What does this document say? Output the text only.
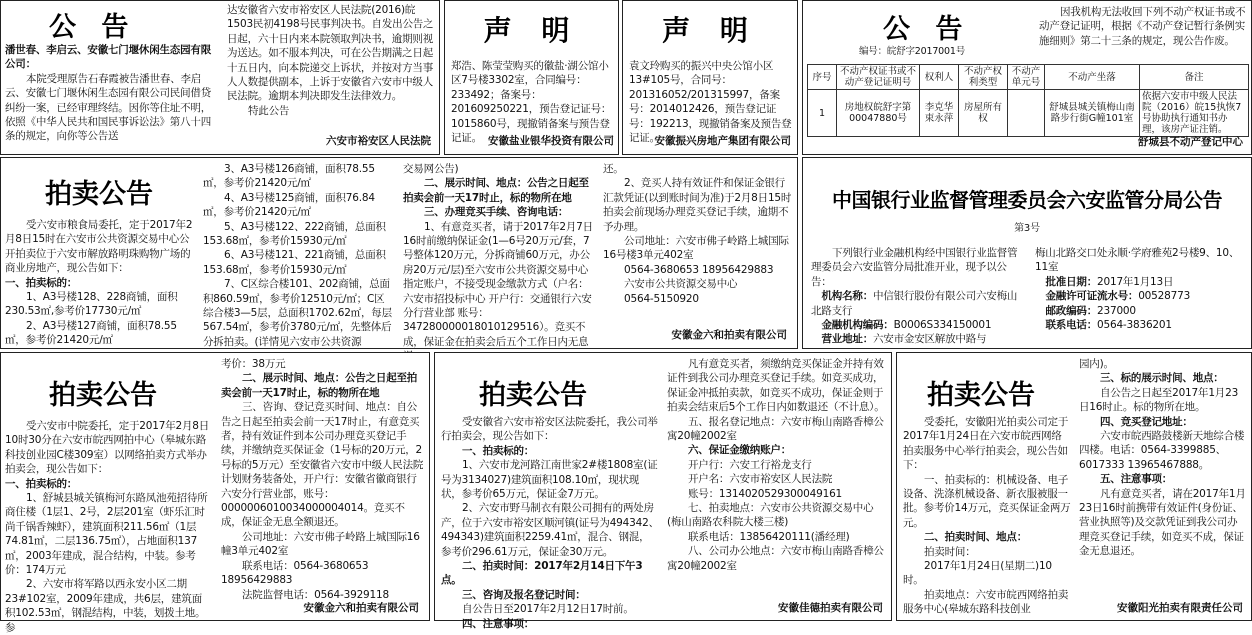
公 告

潘世春、李启云、安徽七门堰休闲生态园有限公司：

本院受理原告石春霞被告潘世春、李启云、安徽七门堰休闲生态园有限公司民间借贷纠纷一案，已经审理终结。因你等住址不明，依照《中华人民共和国民事诉讼法》第八十四条的规定，向你等公告送

达安徽省六安市裕安区人民法院(2016)皖1503民初4198号民事判决书。自发出公告之日起，六十日内来本院领取判决书，逾期则视为送达。如不服本判决，可在公告期满之日起十五日内，向本院递交上诉状，并按对方当事人人数提供副本，上诉于安徽省六安市中级人民法院。逾期本判决即发生法律效力。

特此公告

六安市裕安区人民法院
声 明
郑浩、陈莹莹购买的徽盐·湖公馆小区7号楼3302室，合同编号：233492；备案号：201609250221，预告登记证号：1015860号，现撤销备案与预告登记证。 安徽盐业银华投资有限公司
声 明
袁文玲购买的振兴中央公馆小区13#105号，合同号：201316052/201315997，备案号：2014012426，预告登记证号：192213，现撤销备案及预告登记证。
安徽振兴房地产集团有限公司
公 告
编号：皖舒字2017001号
因我机构无法收回下列不动产权证书或不动产登记证明，根据《不动产登记暂行条例实施细则》第二十三条的规定，现公告作废。
序号	不动产权证书或不动产登记证明号	权利人	不动产权利类型	不动产单元号	不动产坐落	备注
1	房地权皖舒字第00047880号	李克华束永萍	房屋所有权		舒城县城关镇梅山南路步行街G幢101室	依据六安市中级人民法院（2016）皖15执恢7号协助执行通知书办理，该房产证注销。
舒城县不动产登记中心
拍卖公告

受六安市粮食局委托，定于2017年2月8日15时在六安市公共资源交易中心公开拍卖位于六安市解放路明珠购物广场的商业房地产，现公告如下：

一、拍卖标的：

1、A3号楼128、228商铺，面积230.53㎡,参考价17730元/㎡

2、A3号楼127商铺，面积78.55㎡，参考价21420元/㎡

3、A3号楼126商铺，面积78.55㎡，参考价21420元/㎡

4、A3号楼125商铺，面积76.84㎡，参考价21420元/㎡

5、A3号楼122、222商铺，总面积153.68㎡，参考价15930元/㎡

6、A3号楼121、221商铺，总面积153.68㎡，参考价15930元/㎡

7、C区综合楼101、202商铺，总面积860.59㎡，参考价12510元/㎡；C区综合楼3—5层，总面积1702.62㎡，每层567.54㎡，参考价3780元/㎡，先整体后分拆拍卖。(详情见六安市公共资源

交易网公告)

二、展示时间、地点：公告之日起至拍卖会前一天17时止，标的物所在地

三、办理竞买手续、咨询电话：

1、有意竞买者，请于2017年2月7日16时前缴纳保证金(1—6号20万元/套，7号整体120万元，分拆商铺60万元，办公房20万元/层)至六安市公共资源交易中心指定账户，不接受现金缴款方式（户名：六安市招投标中心 开户行：交通银行六安分行营业部 账号：347280000018010129516）。竞买不成，保证金在拍卖会后五个工作日内无息

还。

2、竞买人持有效证件和保证金银行汇款凭证(以到账时间为准)于2月8日15时拍卖会前现场办理竞买登记手续，逾期不予办理。

公司地址：六安市佛子岭路上城国际16号楼3单元402室

0564-3680653 18956429883

六安市公共资源交易中心

0564-5150920

安徽金六和拍卖有限公司
中国银行业监督管理委员会六安监管分局公告
第3号

下列银行业金融机构经中国银行业监督管理委员会六安监管分局批准开业，现予以公告：

机构名称：中信银行股份有限公司六安梅山北路支行

金融机构编码：B0006S334150001

营业地址：六安市金安区解放中路与

梅山北路交口处永顺·学府雅苑2号楼9、10、11室

批准日期：2017年1月13日

金融许可证流水号：00528773

邮政编码：237000

联系电话：0564-3836201

拍卖公告

受六安市中院委托，定于2017年2月8日10时30分在六安市皖西网拍中心（皋城东路科技创业园C楼309室）以网络拍卖方式举办拍卖会，现公告如下：

一、拍卖标的：

1、舒城县城关镇梅河东路凤池苑招待所商住楼（1层1、2号，2层201室（虾乐汇时尚千锅香辣虾），建筑面积211.56㎡（1层74.81㎡，二层136.75㎡），占地面积137㎡，2003年建成，混合结构，中装。参考价：174万元

2、六安市将军路以西永安小区二期23#102室，2009年建成，共6层，建筑面积102.53㎡，钢混结构，中装，划拨土地。参

考价：38万元

二、展示时间、地点：公告之日起至拍卖会前一天17时止，标的物所在地

三、咨询、登记竞买时间、地点：自公告之日起至拍卖会前一天17时止，有意竞买者，持有效证件到本公司办理竞买登记手续，并缴纳竞买保证金（1号标的20万元，2号标的5万元）至安徽省六安市中级人民法院计划财务装备处，开户行：安徽省徽商银行六安分行营业部，账号：0000006010034000004014。竞买不成，保证金无息全额退还。

公司地址：六安市佛子岭路上城国际16幢3单元402室

联系电话：0564-3680653 18956429883

法院监督电话：0564-3929118

安徽金六和拍卖有限公司
拍卖公告

受安徽省六安市裕安区法院委托，我公司举行拍卖会，现公告如下：

一、拍卖标的：

1、六安市龙河路江南世家2#楼1808室(证号为3134027)建筑面积108.10㎡，现状现状，参考价65万元，保证金7万元。

2、六安市野马制衣有限公司拥有的两处房产，位于六安市裕安区顺河镇(证号为494342、494343)建筑面积2259.41㎡，混合、钢混，参考价296.61万元，保证金30万元。

二、拍卖时间：2017年2月14日下午3点。

三、咨询及报名登记时间：

自公告日至2017年2月12日17时前。

四、注意事项：

凡有意竞买者，须缴纳竞买保证金并持有效证件到我公司办理竞买登记手续。如竞买成功，保证金冲抵拍卖款，如竞买不成功，保证金则于拍卖会结束后5个工作日内如数退还（不计息）。

五、报名登记地点：六安市梅山南路香樟公寓20幢2002室

六、保证金缴纳账户：

开户行：六安工行裕龙支行

开户名：六安市裕安区人民法院

账号：1314020529300049161

七、拍卖地点：六安市公共资源交易中心(梅山南路农科院大楼三楼)

联系电话：13856420111(潘经理)

八、公司办公地点：六安市梅山南路香樟公寓20幢2002室

安徽佳德拍卖有限公司
拍卖公告

受委托，安徽阳光拍卖公司定于2017年1月24日在六安市皖西网络拍卖服务中心举行拍卖会，现公告如下：

一、拍卖标的：机械设备、电子设备、洗涤机械设备、新衣服被服一批。参考价14万元，竞买保证金两万元。

二、拍卖时间、地点：

拍卖时间：

2017年1月24日(星期二)10时。

拍卖地点：六安市皖西网络拍卖服务中心(皋城东路科技创业

园内)。

三、标的展示时间、地点：

自公告之日起至2017年1月23日16时止。标的物所在地。

四、竞买登记地址：

六安市皖西路鼓楼新天地综合楼四楼。电话：0564-3399885、6017333 13965467888。

五、注意事项：

凡有意竞买者，请在2017年1月23日16时前携带有效证件(身份证、营业执照等)及交款凭证到我公司办理竞买登记手续，如竞买不成，保证金无息退还。

安徽阳光拍卖有限责任公司
